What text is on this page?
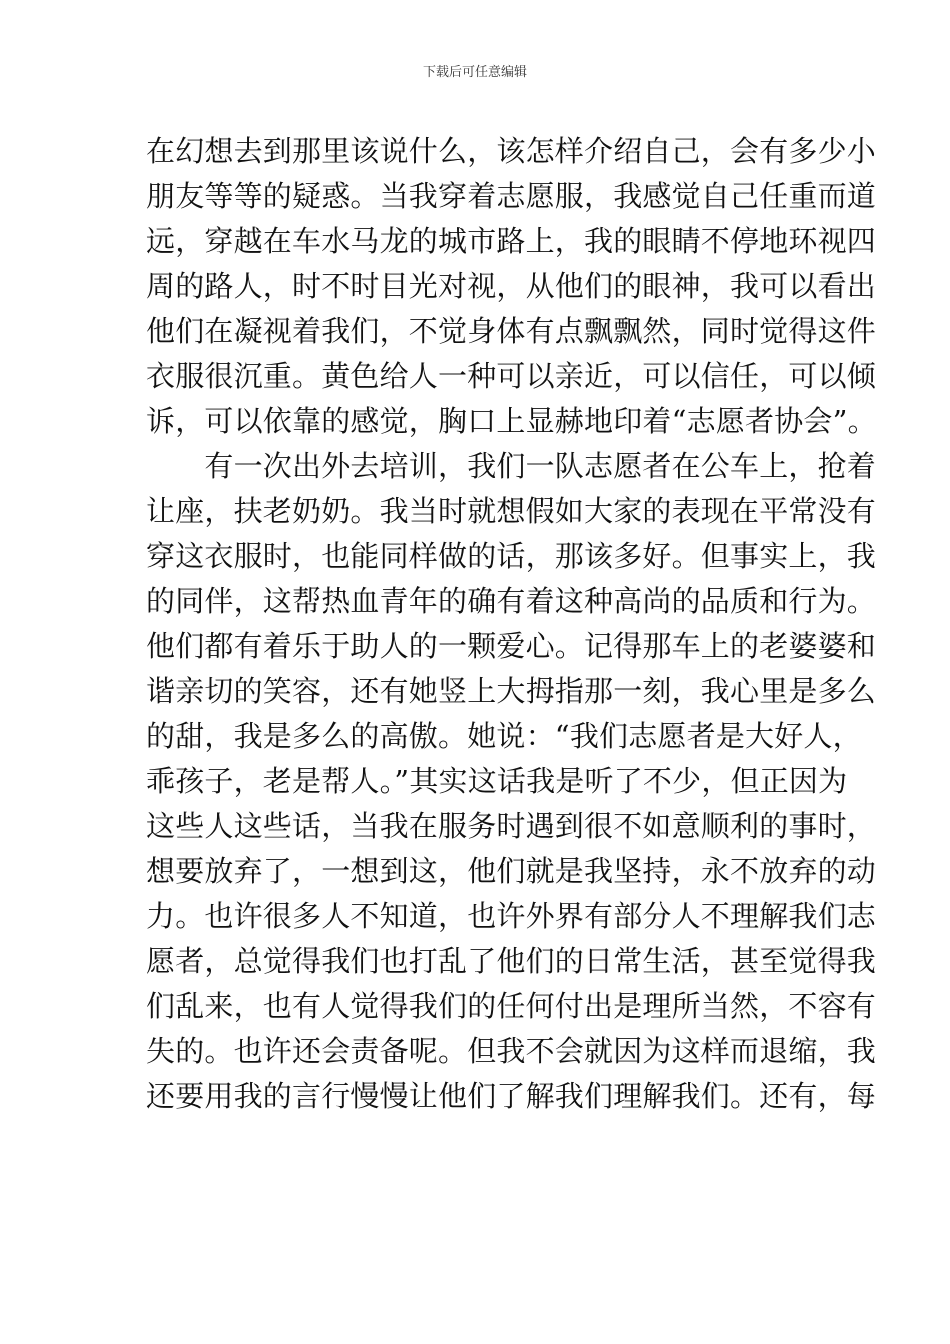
下载后可任意编辑
在幻想去到那里该说什么，该怎样介绍自己，会有多少小
朋友等等的疑惑。当我穿着志愿服，我感觉自己任重而道
远，穿越在车水马龙的城市路上，我的眼睛不停地环视四
周的路人，时不时目光对视，从他们的眼神，我可以看出
他们在凝视着我们，不觉身体有点飘飘然，同时觉得这件
衣服很沉重。黄色给人一种可以亲近，可以信任，可以倾
诉，可以依靠的感觉，胸口上显赫地印着“志愿者协会”。
　　有一次出外去培训，我们一队志愿者在公车上，抢着
让座，扶老奶奶。我当时就想假如大家的表现在平常没有
穿这衣服时，也能同样做的话，那该多好。但事实上，我
的同伴，这帮热血青年的确有着这种高尚的品质和行为。
他们都有着乐于助人的一颗爱心。记得那车上的老婆婆和
谐亲切的笑容，还有她竖上大拇指那一刻，我心里是多么
的甜，我是多么的高傲。她说：“我们志愿者是大好人，
乖孩子，老是帮人。”其实这话我是听了不少，但正因为
这些人这些话，当我在服务时遇到很不如意顺利的事时，
想要放弃了，一想到这，他们就是我坚持，永不放弃的动
力。也许很多人不知道，也许外界有部分人不理解我们志
愿者，总觉得我们也打乱了他们的日常生活，甚至觉得我
们乱来，也有人觉得我们的任何付出是理所当然，不容有
失的。也许还会责备呢。但我不会就因为这样而退缩，我
还要用我的言行慢慢让他们了解我们理解我们。还有，每
